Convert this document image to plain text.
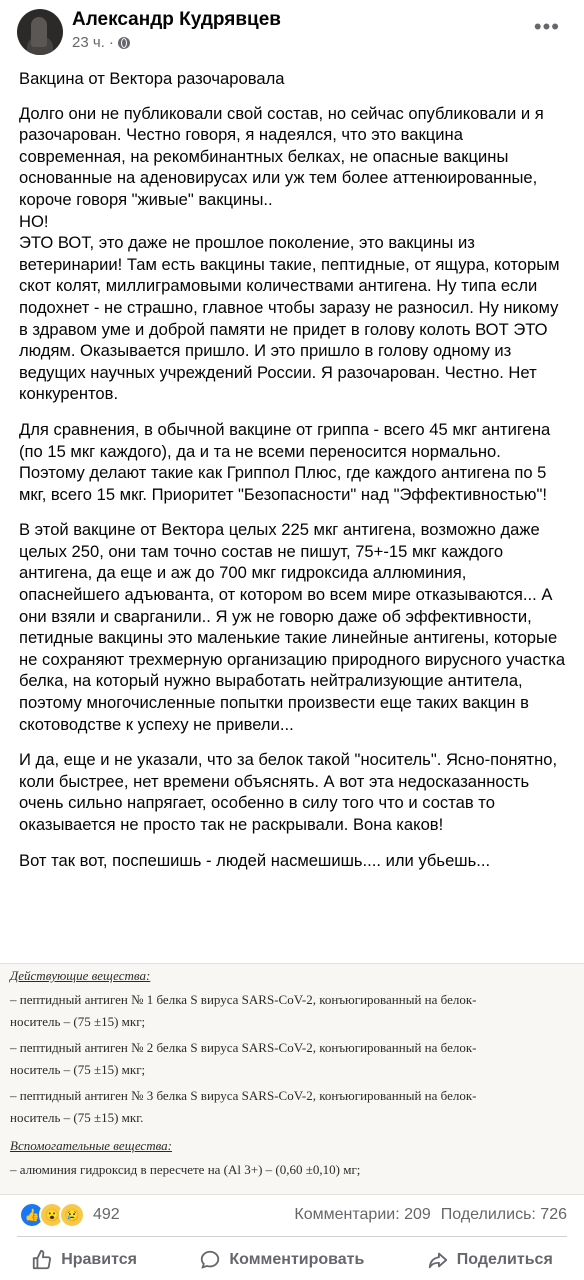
Александр Кудрявцев
23 ч. ·
•••

Вакцина от Вектора разочаровала

Долго они не публиковали свой состав, но сейчас опубликовали и я разочарован. Честно говоря, я надеялся, что это вакцина современная, на рекомбинантных белках, не опасные вакцины основанные на аденовирусах или уж тем более аттенюированные, короче говоря "живые" вакцины..
НО!
ЭТО ВОТ, это даже не прошлое поколение, это вакцины из ветеринарии! Там есть вакцины такие, пептидные, от ящура, которым скот колят, миллиграмовыми количествами антигена. Ну типа если подохнет - не страшно, главное чтобы заразу не разносил. Ну никому в здравом уме и доброй памяти не придет в голову колоть ВОТ ЭТО людям. Оказывается пришло. И это пришло в голову одному из ведущих научных учреждений России. Я разочарован. Честно. Нет конкурентов.

Для сравнения, в обычной вакцине от гриппа - всего 45 мкг антигена (по 15 мкг каждого), да и та не всеми переносится нормально. Поэтому делают такие как Гриппол Плюс, где каждого антигена по 5 мкг, всего 15 мкг. Приоритет "Безопасности" над "Эффективностью"!

В этой вакцине от Вектора целых 225 мкг антигена, возможно даже целых 250, они там точно состав не пишут, 75+-15 мкг каждого антигена, да еще и аж до 700 мкг гидроксида аллюминия, опаснейшего адъюванта, от котором во всем мире отказываются... А они взяли и сварганили.. Я уж не говорю даже об эффективности, петидные вакцины это маленькие такие линейные антигены, которые не сохраняют трехмерную организацию природного вирусного участка белка, на который нужно выработать нейтрализующие антитела, поэтому многочисленные попытки произвести еще таких вакцин в скотоводстве к успеху не привели...

И да, еще и не указали, что за белок такой "носитель". Ясно-понятно, коли быстрее, нет времени объяснять. А вот эта недосказанность очень сильно напрягает, особенно в силу того что и состав то оказывается не просто так не раскрывали. Вона каков!

Вот так вот, поспешишь - людей насмешишь.... или убьешь...

Действующие вещества:
– пептидный антиген № 1 белка S вируса SARS-CoV-2, конъюгированный на белок-
носитель – (75 ±15) мкг;
– пептидный антиген № 2 белка S вируса SARS-CoV-2, конъюгированный на белок-
носитель – (75 ±15) мкг;
– пептидный антиген № 3 белка S вируса SARS-CoV-2, конъюгированный на белок-
носитель – (75 ±15) мкг.
Вспомогательные вещества:
– алюминия гидроксид в пересчете на (Al 3+) – (0,60 ±0,10) мг;
👍 😮 😢 492	Комментарии: 209 Поделились: 726
Нравится	Комментировать	Поделиться
